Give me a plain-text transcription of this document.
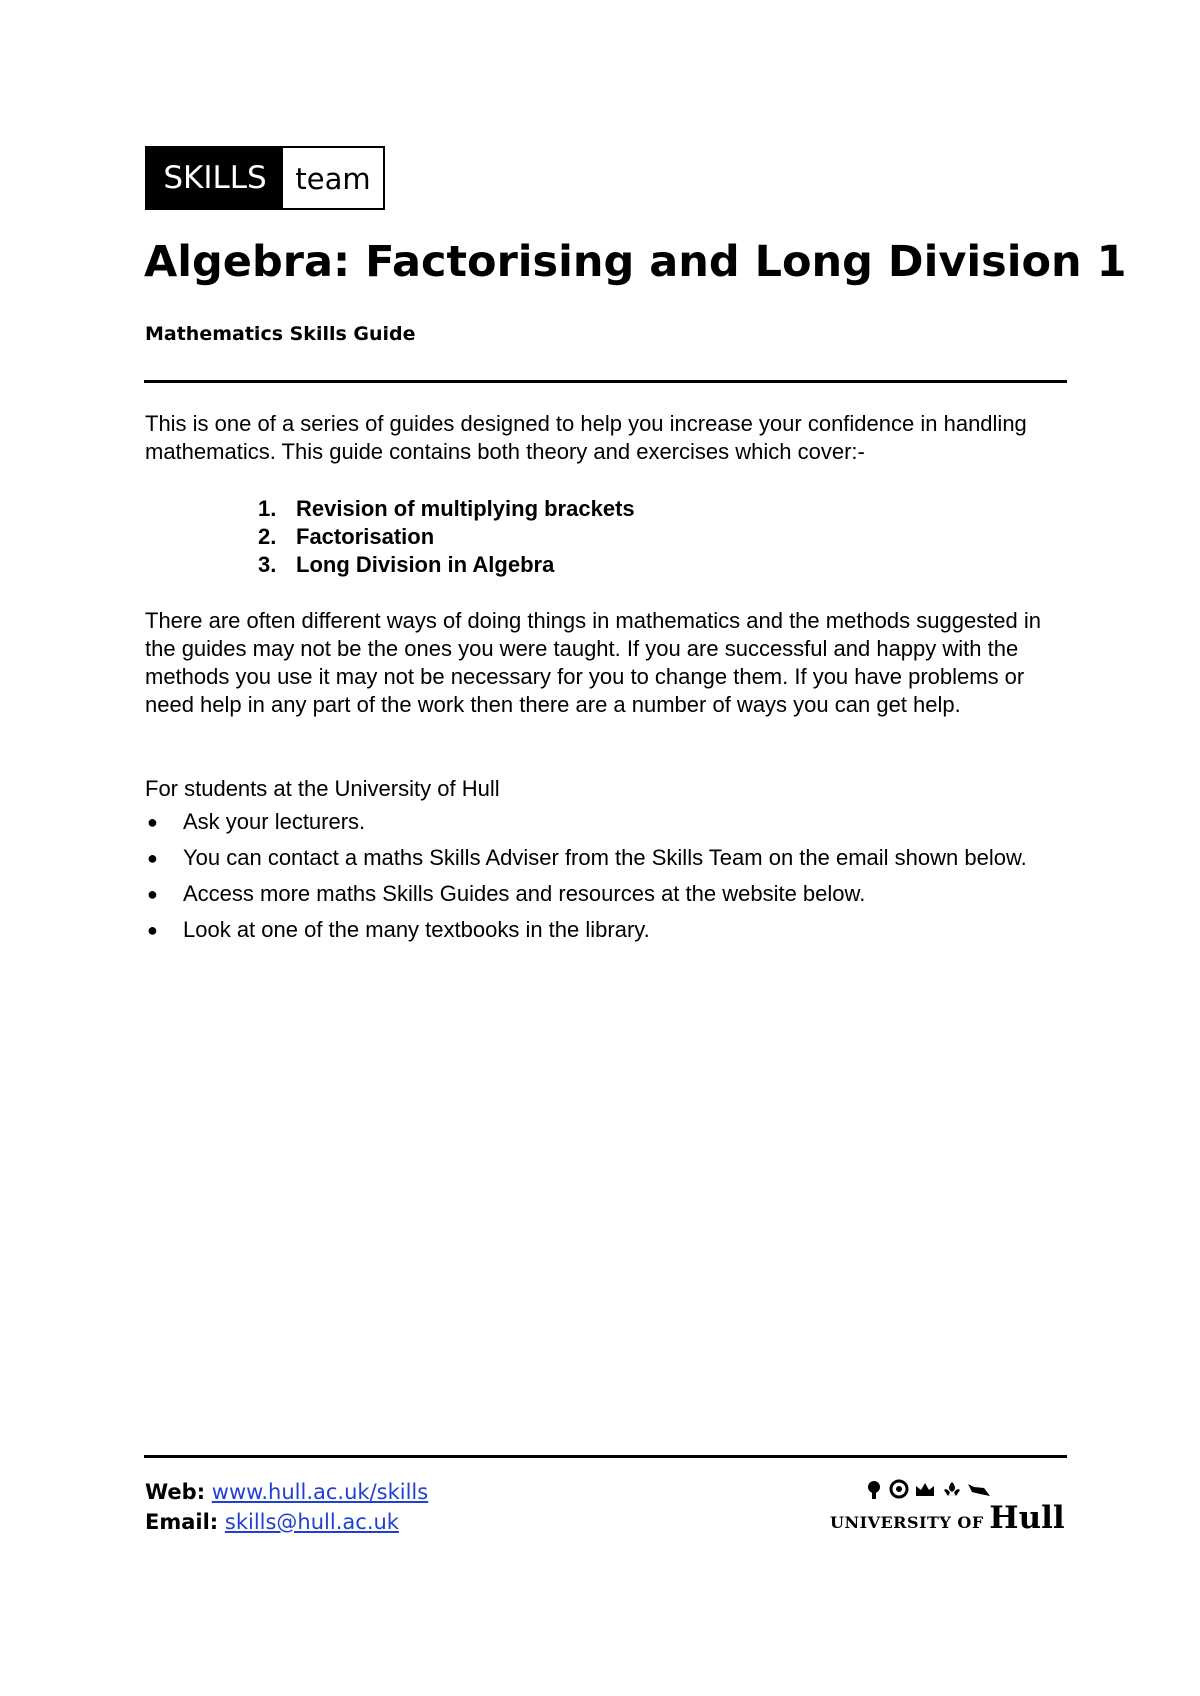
SKILLS team
Algebra: Factorising and Long Division 1
Mathematics Skills Guide

This is one of a series of guides designed to help you increase your confidence in handling mathematics. This guide contains both theory and exercises which cover:-

1. Revision of multiplying brackets
2. Factorisation
3. Long Division in Algebra

There are often different ways of doing things in mathematics and the methods suggested in the guides may not be the ones you were taught. If you are successful and happy with the methods you use it may not be necessary for you to change them. If you have problems or need help in any part of the work then there are a number of ways you can get help.

For students at the University of Hull

●	Ask your lecturers.
●	You can contact a maths Skills Adviser from the Skills Team on the email shown below.
●	Access more maths Skills Guides and resources at the website below.
●	Look at one of the many textbooks in the library.
Web: www.hull.ac.uk/skills
Email: skills@hull.ac.uk	UNIVERSITY OF Hull
